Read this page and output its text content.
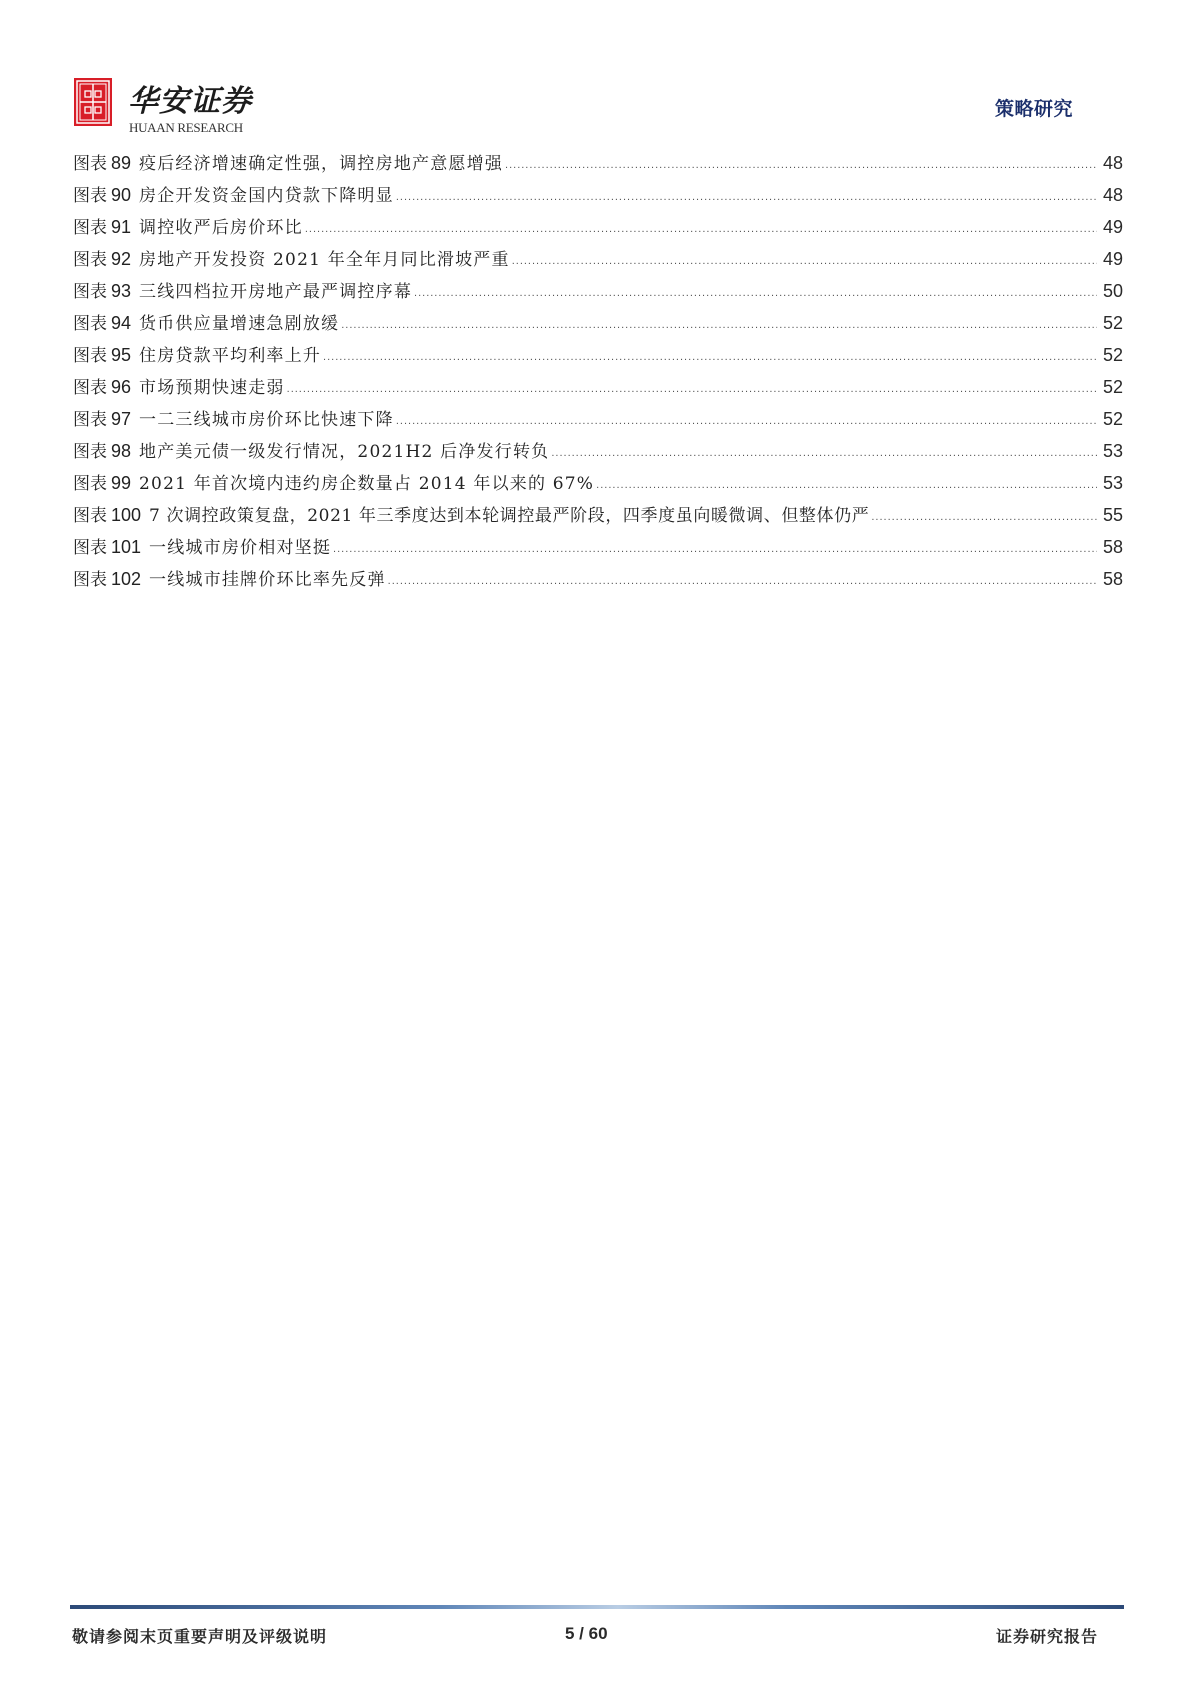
华安证券
HUAAN RESEARCH
策略研究
图表 89 疫后经济增速确定性强，调控房地产意愿增强 .....	48
图表 90 房企开发资金国内贷款下降明显 .....	48
图表 91 调控收严后房价环比 .....	49
图表 92 房地产开发投资 2021 年全年月同比滑坡严重 .....	49
图表 93 三线四档拉开房地产最严调控序幕 .....	50
图表 94 货币供应量增速急剧放缓 .....	52
图表 95 住房贷款平均利率上升 .....	52
图表 96 市场预期快速走弱 .....	52
图表 97 一二三线城市房价环比快速下降 .....	52
图表 98 地产美元债一级发行情况，2021H2 后净发行转负 .....	53
图表 99 2021 年首次境内违约房企数量占 2014 年以来的 67% .....	53
图表 100 7 次调控政策复盘，2021 年三季度达到本轮调控最严阶段，四季度虽向暖微调、但整体仍严 .....	55
图表 101 一线城市房价相对坚挺 .....	58
图表 102 一线城市挂牌价环比率先反弹 .....	58
敬请参阅末页重要声明及评级说明	5 / 60	证券研究报告
